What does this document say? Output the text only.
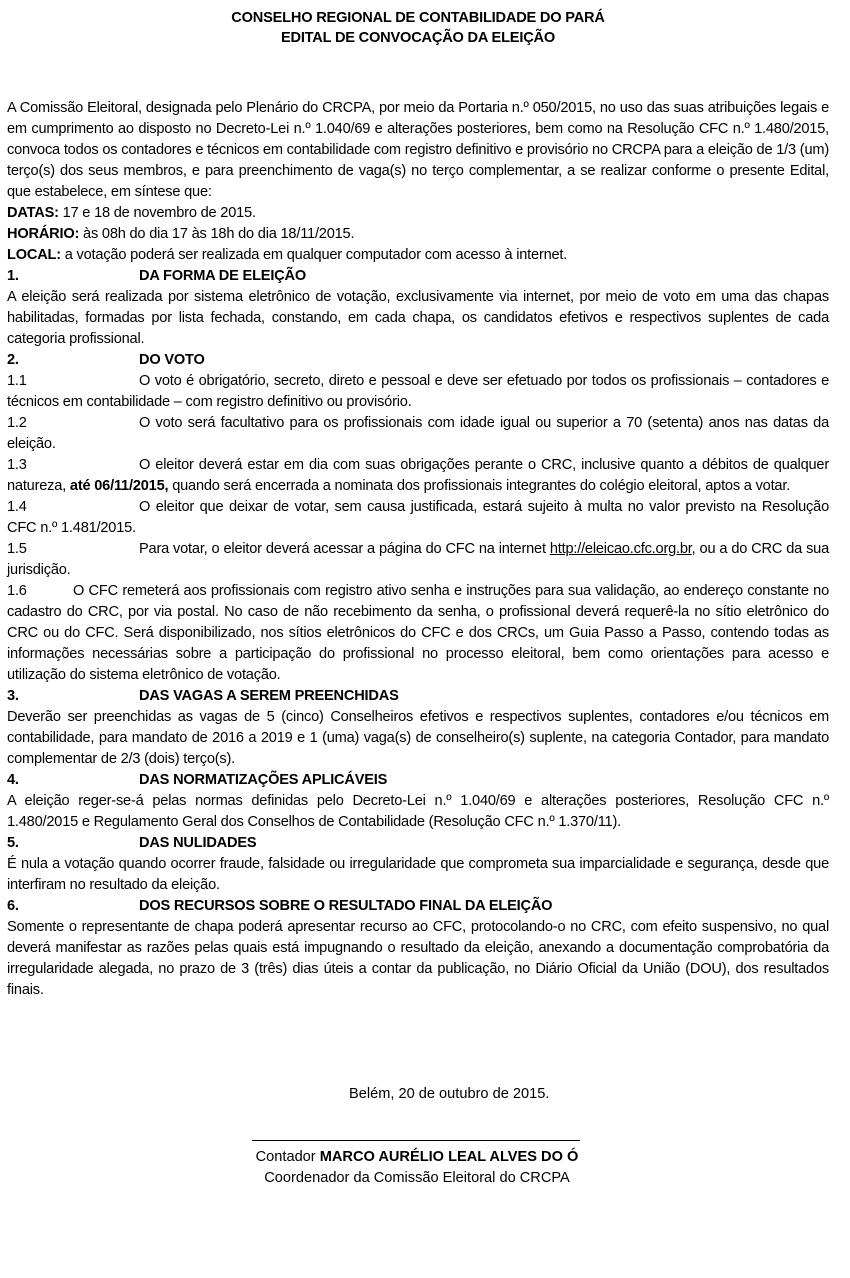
CONSELHO REGIONAL DE CONTABILIDADE DO PARÁ
EDITAL DE CONVOCAÇÃO DA ELEIÇÃO

A Comissão Eleitoral, designada pelo Plenário do CRCPA, por meio da Portaria n.º 050/2015, no uso das suas atribuições legais e em cumprimento ao disposto no Decreto-Lei n.º 1.040/69 e alterações posteriores, bem como na Resolução CFC n.º 1.480/2015, convoca todos os contadores e técnicos em contabilidade com registro definitivo e provisório no CRCPA para a eleição de 1/3 (um) terço(s) dos seus membros, e para preenchimento de vaga(s) no terço complementar, a se realizar conforme o presente Edital, que estabelece, em síntese que:

DATAS: 17 e 18 de novembro de 2015.

HORÁRIO: às 08h do dia 17 às 18h do dia 18/11/2015.

LOCAL: a votação poderá ser realizada em qualquer computador com acesso à internet.

1.	DA FORMA DE ELEIÇÃO

A eleição será realizada por sistema eletrônico de votação, exclusivamente via internet, por meio de voto em uma das chapas habilitadas, formadas por lista fechada, constando, em cada chapa, os candidatos efetivos e respectivos suplentes de cada categoria profissional.

2.	DO VOTO

1.1	O voto é obrigatório, secreto, direto e pessoal e deve ser efetuado por todos os profissionais – contadores e técnicos em contabilidade – com registro definitivo ou provisório.

1.2	O voto será facultativo para os profissionais com idade igual ou superior a 70 (setenta) anos nas datas da eleição.

1.3	O eleitor deverá estar em dia com suas obrigações perante o CRC, inclusive quanto a débitos de qualquer natureza, até 06/11/2015, quando será encerrada a nominata dos profissionais integrantes do colégio eleitoral, aptos a votar.

1.4	O eleitor que deixar de votar, sem causa justificada, estará sujeito à multa no valor previsto na Resolução CFC n.º 1.481/2015.

1.5	Para votar, o eleitor deverá acessar a página do CFC na internet http://eleicao.cfc.org.br, ou a do CRC da sua jurisdição.

1.6	O CFC remeterá aos profissionais com registro ativo senha e instruções para sua validação, ao endereço constante no cadastro do CRC, por via postal. No caso de não recebimento da senha, o profissional deverá requerê-la no sítio eletrônico do CRC ou do CFC. Será disponibilizado, nos sítios eletrônicos do CFC e dos CRCs, um Guia Passo a Passo, contendo todas as informações necessárias sobre a participação do profissional no processo eleitoral, bem como orientações para acesso e utilização do sistema eletrônico de votação.

3.	DAS VAGAS A SEREM PREENCHIDAS

Deverão ser preenchidas as vagas de 5 (cinco) Conselheiros efetivos e respectivos suplentes, contadores e/ou técnicos em contabilidade, para mandato de 2016 a 2019 e 1 (uma) vaga(s) de conselheiro(s) suplente, na categoria Contador, para mandato complementar de 2/3 (dois) terço(s).

4.	DAS NORMATIZAÇÕES APLICÁVEIS

A eleição reger-se-á pelas normas definidas pelo Decreto-Lei n.º 1.040/69 e alterações posteriores, Resolução CFC n.º 1.480/2015 e Regulamento Geral dos Conselhos de Contabilidade (Resolução CFC n.º 1.370/11).

5.	DAS NULIDADES

É nula a votação quando ocorrer fraude, falsidade ou irregularidade que comprometa sua imparcialidade e segurança, desde que interfiram no resultado da eleição.

6.	DOS RECURSOS SOBRE O RESULTADO FINAL DA ELEIÇÃO

Somente o representante de chapa poderá apresentar recurso ao CFC, protocolando-o no CRC, com efeito suspensivo, no qual deverá manifestar as razões pelas quais está impugnando o resultado da eleição, anexando a documentação comprobatória da irregularidade alegada, no prazo de 3 (três) dias úteis a contar da publicação, no Diário Oficial da União (DOU), dos resultados finais.

Belém, 20 de outubro de 2015.
Contador MARCO AURÉLIO LEAL ALVES DO Ó
Coordenador da Comissão Eleitoral do CRCPA
